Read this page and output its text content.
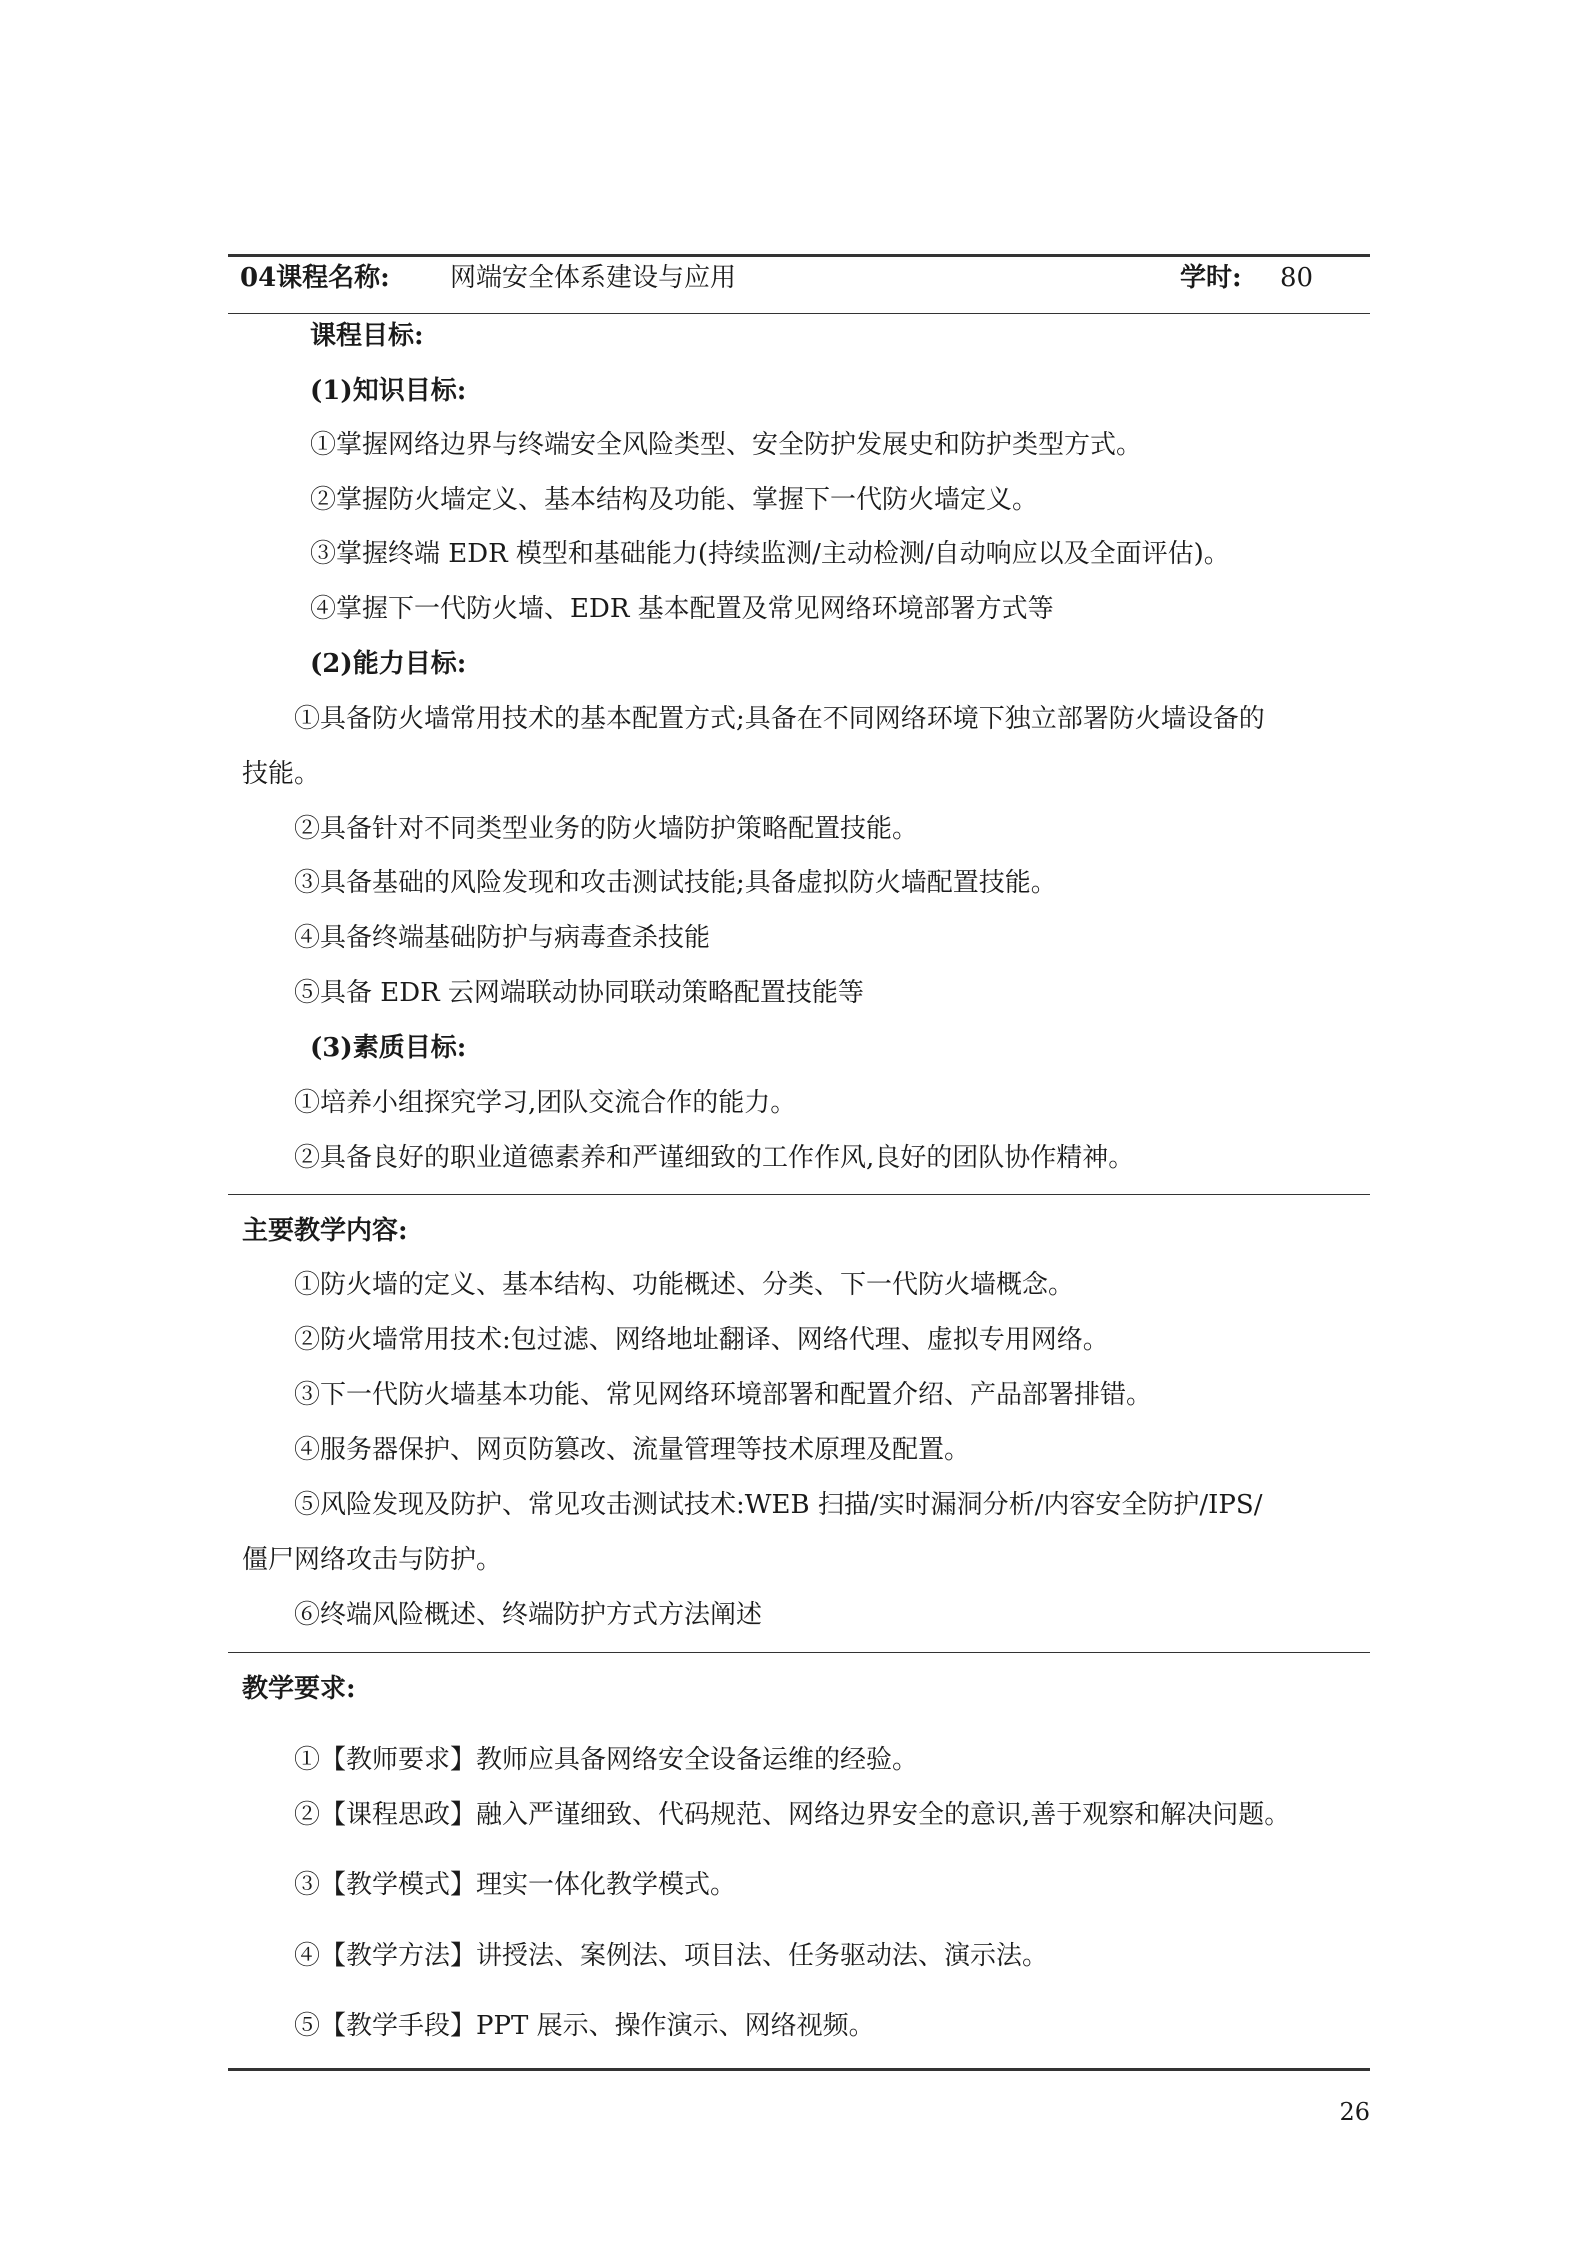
04课程名称: 网端安全体系建设与应用	学时: 80
课程目标:
(1)知识目标:
①掌握网络边界与终端安全风险类型、安全防护发展史和防护类型方式。
②掌握防火墙定义、基本结构及功能、掌握下一代防火墙定义。
③掌握终端 EDR 模型和基础能力(持续监测/主动检测/自动响应以及全面评估)。
④掌握下一代防火墙、EDR 基本配置及常见网络环境部署方式等
(2)能力目标:
①具备防火墙常用技术的基本配置方式;具备在不同网络环境下独立部署防火墙设备的
技能。
②具备针对不同类型业务的防火墙防护策略配置技能。
③具备基础的风险发现和攻击测试技能;具备虚拟防火墙配置技能。
④具备终端基础防护与病毒查杀技能
⑤具备 EDR 云网端联动协同联动策略配置技能等
(3)素质目标:
①培养小组探究学习,团队交流合作的能力。
②具备良好的职业道德素养和严谨细致的工作作风,良好的团队协作精神。
主要教学内容:
①防火墙的定义、基本结构、功能概述、分类、下一代防火墙概念。
②防火墙常用技术:包过滤、网络地址翻译、网络代理、虚拟专用网络。
③下一代防火墙基本功能、常见网络环境部署和配置介绍、产品部署排错。
④服务器保护、网页防篡改、流量管理等技术原理及配置。
⑤风险发现及防护、常见攻击测试技术:WEB 扫描/实时漏洞分析/内容安全防护/IPS/
僵尸网络攻击与防护。
⑥终端风险概述、终端防护方式方法阐述
教学要求:
①【教师要求】教师应具备网络安全设备运维的经验。
②【课程思政】融入严谨细致、代码规范、网络边界安全的意识,善于观察和解决问题。
③【教学模式】理实一体化教学模式。
④【教学方法】讲授法、案例法、项目法、任务驱动法、演示法。
⑤【教学手段】PPT 展示、操作演示、网络视频。
26
